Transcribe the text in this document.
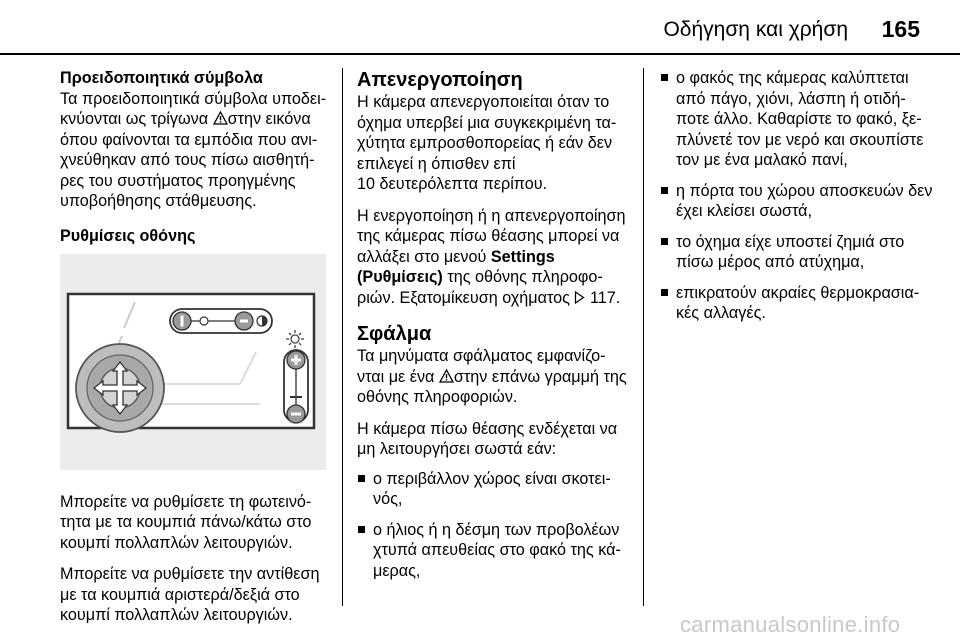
Οδήγηση και χρήση 165
Προειδοποιητικά σύμβολα

Τα προειδοποιητικά σύμβολα υποδει-
κνύονται ως τρίγωνα στην εικόνα
όπου φαίνονται τα εμπόδια που ανι-
χνεύθηκαν από τους πίσω αισθητή-
ρες του συστήματος προηγμένης
υποβοήθησης στάθμευσης.

Ρυθμίσεις οθόνης

Μπορείτε να ρυθμίσετε τη φωτεινό-
τητα με τα κουμπιά πάνω/κάτω στο
κουμπί πολλαπλών λειτουργιών.

Μπορείτε να ρυθμίσετε την αντίθεση
με τα κουμπιά αριστερά/δεξιά στο
κουμπί πολλαπλών λειτουργιών.

Απενεργοποίηση

Η κάμερα απενεργοποιείται όταν το
όχημα υπερβεί μια συγκεκριμένη τα-
χύτητα εμπροσθοπορείας ή εάν δεν
επιλεγεί η όπισθεν επί
10 δευτερόλεπτα περίπου.

Η ενεργοποίηση ή η απενεργοποίηση
της κάμερας πίσω θέασης μπορεί να
αλλάξει στο μενού Settings
(Ρυθμίσεις) της οθόνης πληροφο-
ριών. Εξατομίκευση οχήματος 117.

Σφάλμα

Τα μηνύματα σφάλματος εμφανίζο-
νται με ένα στην επάνω γραμμή της
οθόνης πληροφοριών.

Η κάμερα πίσω θέασης ενδέχεται να
μη λειτουργήσει σωστά εάν:

ο περιβάλλον χώρος είναι σκοτει-
νός,
ο ήλιος ή η δέσμη των προβολέων
χτυπά απευθείας στο φακό της κά-
μερας,
ο φακός της κάμερας καλύπτεται
από πάγο, χιόνι, λάσπη ή οτιδή-
ποτε άλλο. Καθαρίστε το φακό, ξε-
πλύνετέ τον με νερό και σκουπίστε
τον με ένα μαλακό πανί,
η πόρτα του χώρου αποσκευών δεν
έχει κλείσει σωστά,
το όχημα είχε υποστεί ζημιά στο
πίσω μέρος από ατύχημα,
επικρατούν ακραίες θερμοκρασια-
κές αλλαγές.
carmanualsonline.info
